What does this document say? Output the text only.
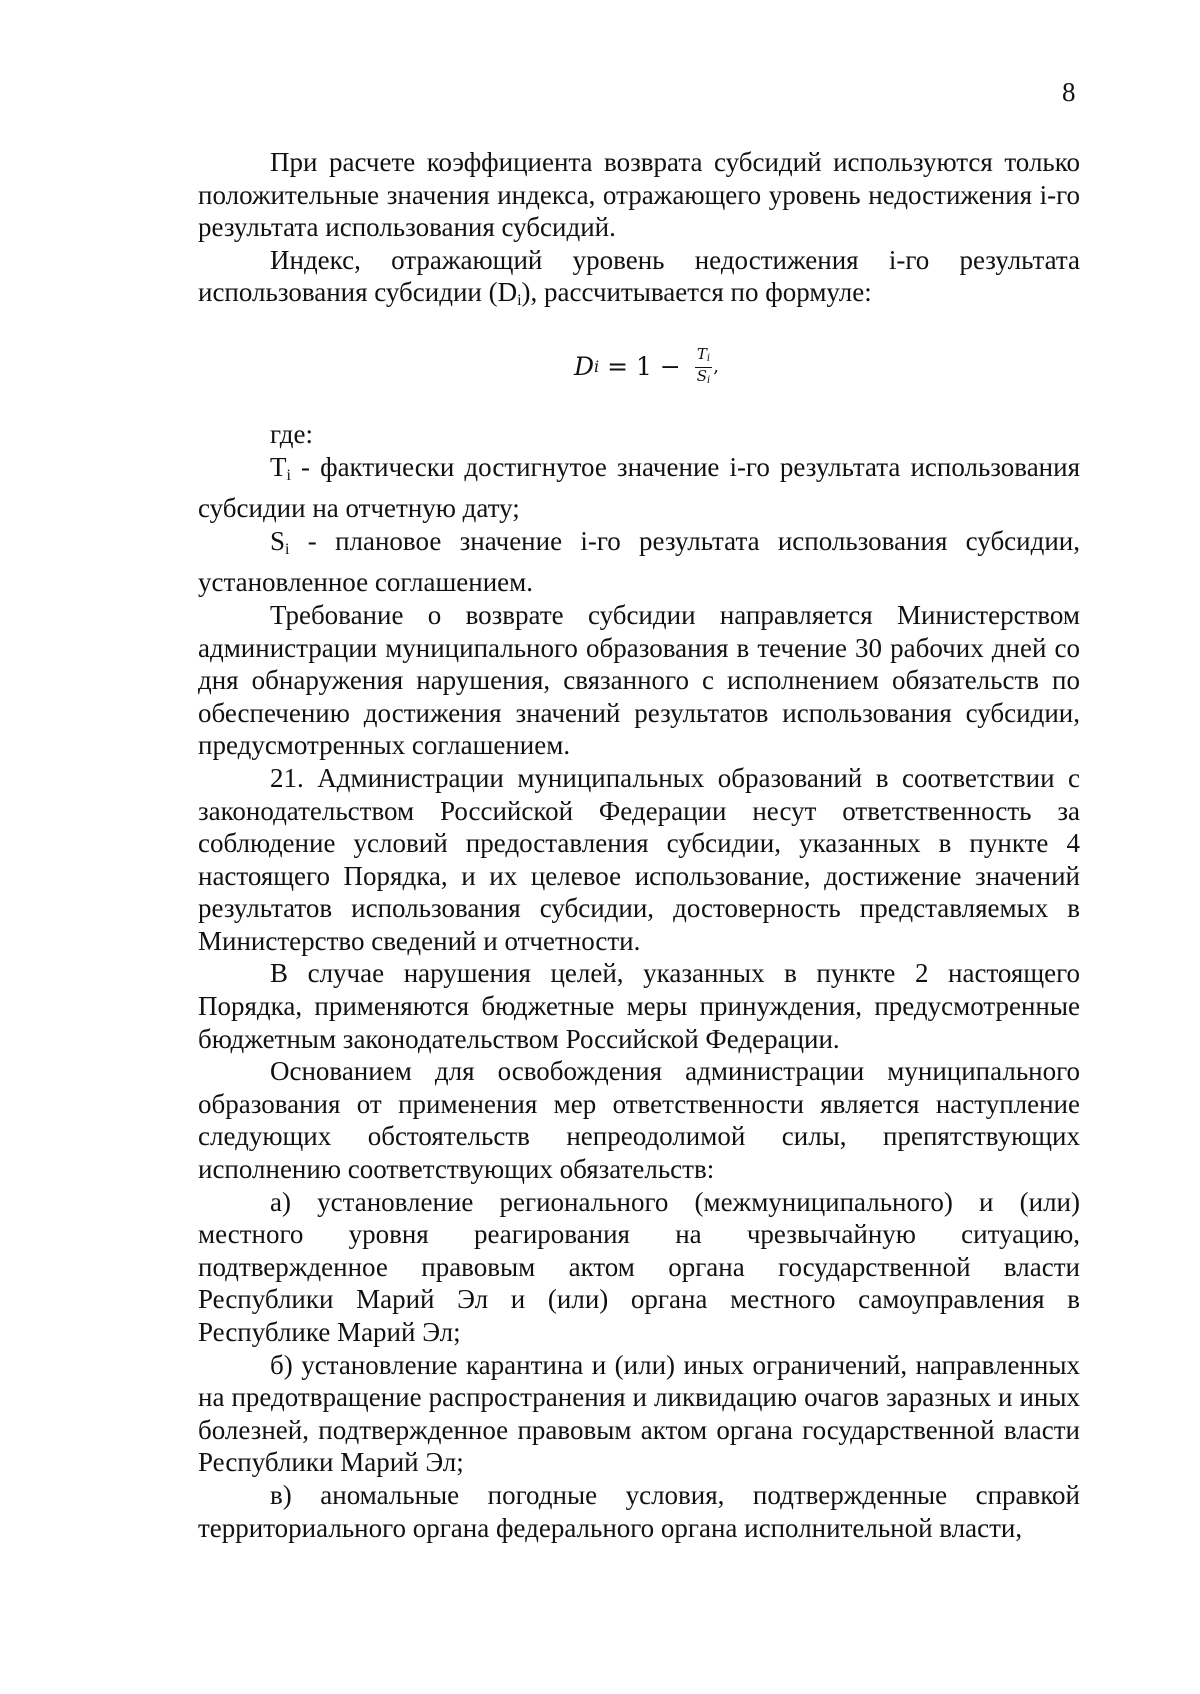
8

При расчете коэффициента возврата субсидий используются только положительные значения индекса, отражающего уровень недостижения i-го результата использования субсидий.

Индекс, отражающий уровень недостижения i-го результата использования субсидии $(D_i)$, рассчитывается по формуле:

D $i = 1 - \frac{Ti}{Si}$ ,

где:

$T_i$ - фактически достигнутое значение i-го результата использования субсидии на отчетную дату;

$S_i$ - плановое значение i-го результата использования субсидии, установленное соглашением.

Требование о возврате субсидии направляется Министерством администрации муниципального образования в течение 30 рабочих дней со дня обнаружения нарушения, связанного с исполнением обязательств по обеспечению достижения значений результатов использования субсидии, предусмотренных соглашением.

21. Администрации муниципальных образований в соответствии с законодательством Российской Федерации несут ответственность за соблюдение условий предоставления субсидии, указанных в пункте 4 настоящего Порядка, и их целевое использование, достижение значений результатов использования субсидии, достоверность представляемых в Министерство сведений и отчетности.

В случае нарушения целей, указанных в пункте 2 настоящего Порядка, применяются бюджетные меры принуждения, предусмотренные бюджетным законодательством Российской Федерации.

Основанием для освобождения администрации муниципального образования от применения мер ответственности является наступление следующих обстоятельств непреодолимой силы, препятствующих исполнению соответствующих обязательств:

а) установление регионального (межмуниципального) и (или) местного уровня реагирования на чрезвычайную ситуацию, подтвержденное правовым актом органа государственной власти Республики Марий Эл и (или) органа местного самоуправления в Республике Марий Эл;

б) установление карантина и (или) иных ограничений, направленных на предотвращение распространения и ликвидацию очагов заразных и иных болезней, подтвержденное правовым актом органа государственной власти Республики Марий Эл;

в) аномальные погодные условия, подтвержденные справкой территориального органа федерального органа исполнительной власти,
